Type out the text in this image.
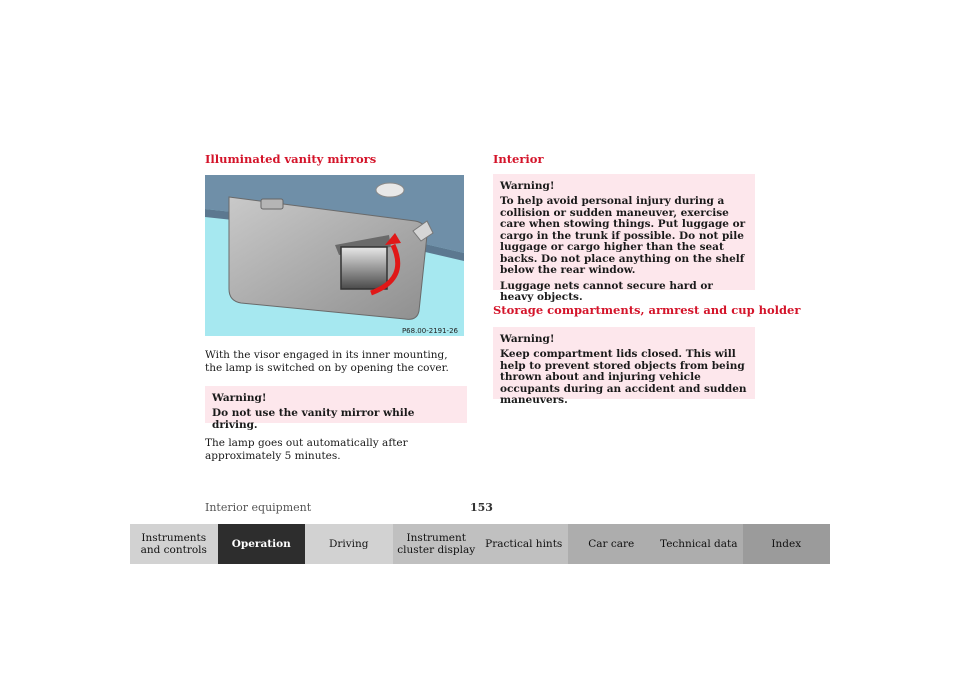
Illuminated vanity mirrors
P68.00-2191-26

With the visor engaged in its inner mounting, the lamp is switched on by opening the cover.

Warning!

Do not use the vanity mirror while driving.

The lamp goes out automatically after approximately 5 minutes.

Interior

Warning!

To help avoid personal injury during a collision or sudden maneuver, exercise care when stowing things. Put luggage or cargo in the trunk if possible. Do not pile luggage or cargo higher than the seat backs. Do not place anything on the shelf below the rear window.

Luggage nets cannot secure hard or heavy objects.

Storage compartments, armrest and cup holder

Warning!

Keep compartment lids closed. This will help to prevent stored objects from being thrown about and injuring vehicle occupants during an accident and sudden maneuvers.

Interior equipment	153
Instruments and controls	Operation	Driving	Instrument cluster display Practical hints	Car care	Technical data	Index
